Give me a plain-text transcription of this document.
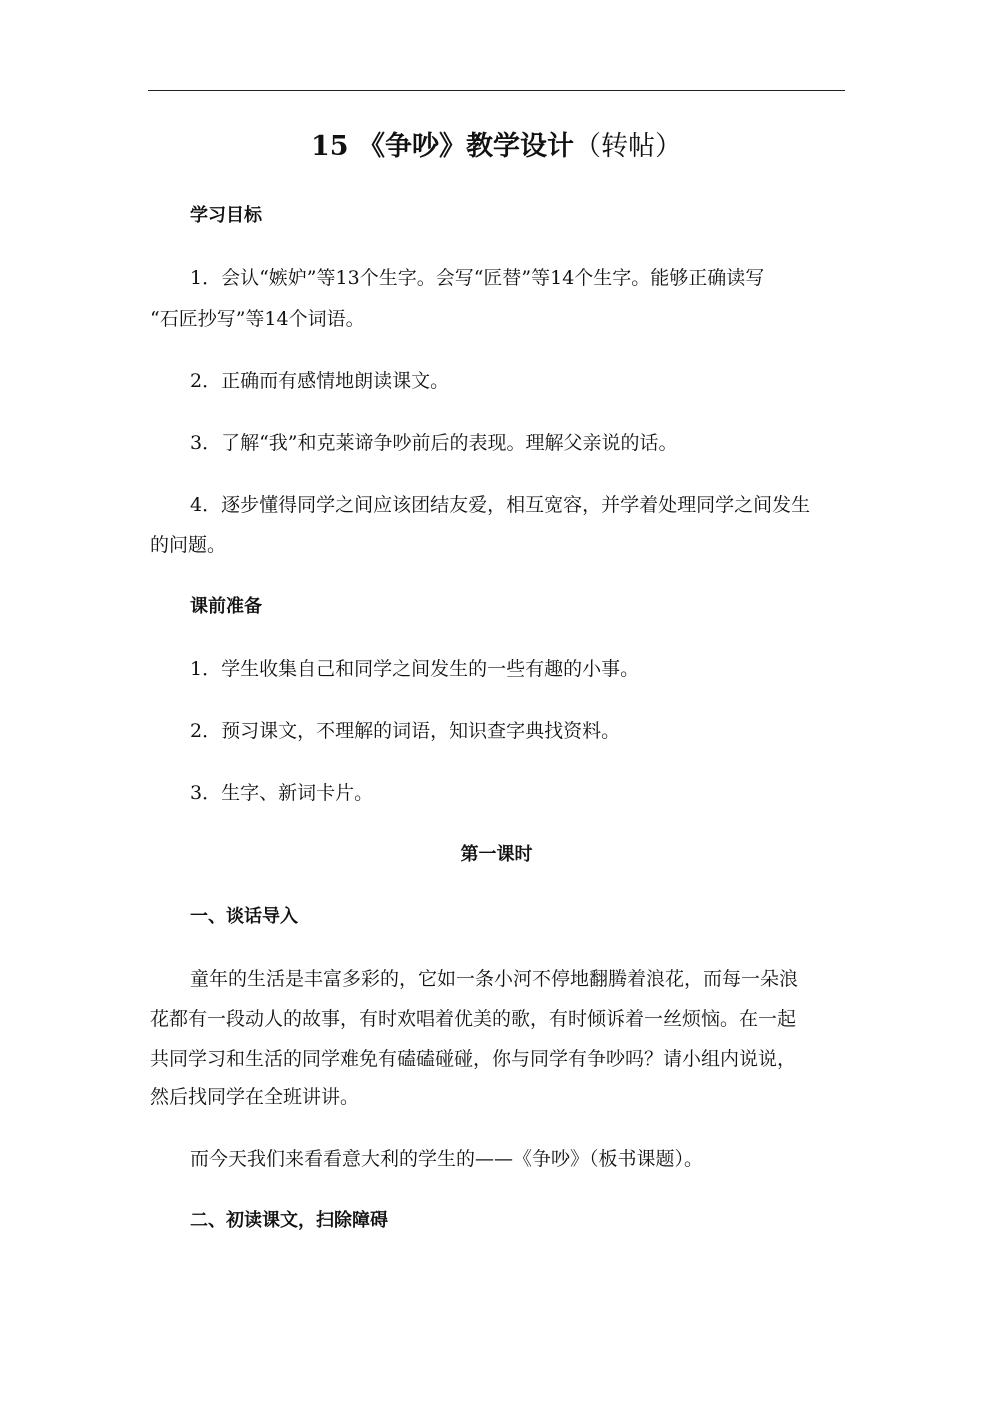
15 《争吵》教学设计（转帖）
学习目标
1．会认“嫉妒”等13个生字。会写“匠替”等14个生字。能够正确读写
“石匠抄写”等14个词语。
2．正确而有感情地朗读课文。
3．了解“我”和克莱谛争吵前后的表现。理解父亲说的话。
4．逐步懂得同学之间应该团结友爱，相互宽容，并学着处理同学之间发生
的问题。
课前准备
1．学生收集自己和同学之间发生的一些有趣的小事。
2．预习课文，不理解的词语，知识查字典找资料。
3．生字、新词卡片。
第一课时
一、谈话导入
童年的生活是丰富多彩的，它如一条小河不停地翻腾着浪花，而每一朵浪
花都有一段动人的故事，有时欢唱着优美的歌，有时倾诉着一丝烦恼。在一起
共同学习和生活的同学难免有磕磕碰碰，你与同学有争吵吗？请小组内说说，
然后找同学在全班讲讲。
而今天我们来看看意大利的学生的——《争吵》（板书课题）。
二、初读课文，扫除障碍
